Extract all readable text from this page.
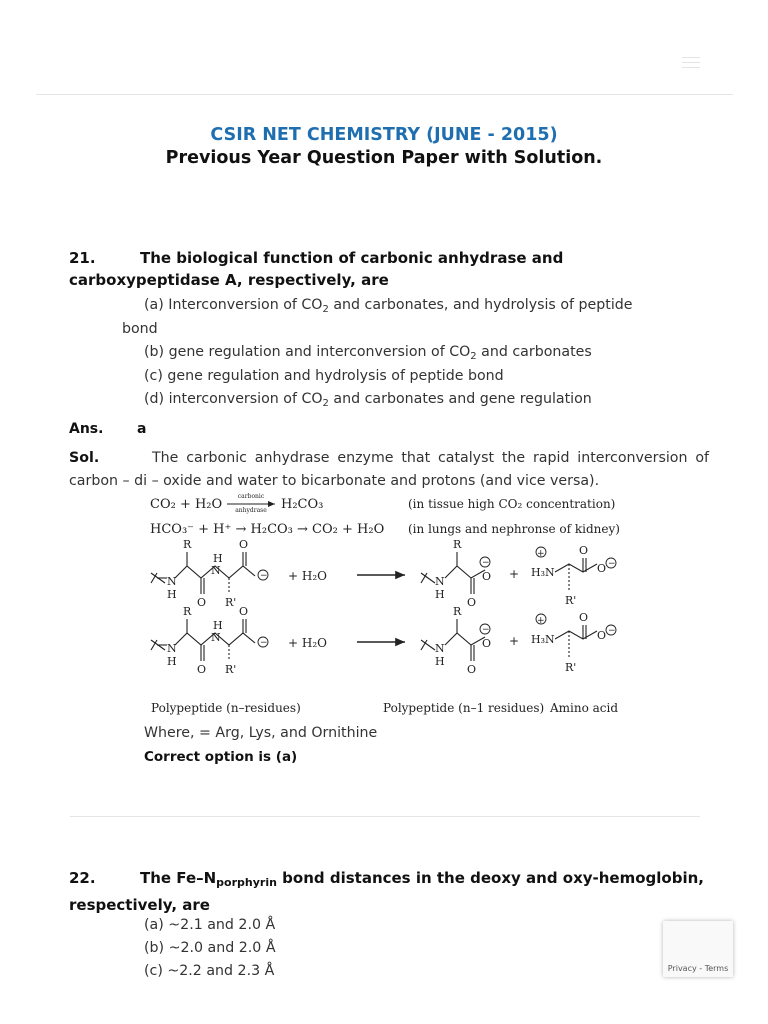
CSIR NET CHEMISTRY (JUNE - 2015)
Previous Year Question Paper with Solution.
21.	The biological function of carbonic anhydrase and carboxypeptidase A, respectively, are
(a) Interconversion of $CO_2$ and carbonates, and hydrolysis of peptide
bond
(b) gene regulation and interconversion of $CO_2$ and carbonates
(c) gene regulation and hydrolysis of peptide bond
(d) interconversion of $CO_2$ and carbonates and gene regulation
Ans. a
Sol.	The carbonic anhydrase enzyme that catalyst the rapid interconversion of carbon – di – oxide and water to bicarbonate and protons (and vice versa).
CO₂ + H₂O
carbonic
anhydrase H₂CO₃	(in tissue high CO₂ concentration)
HCO₃⁻ + H⁺ → H₂CO₃ → CO₂ + H₂O (in lungs and nephronse of kidney)
R
N
H
O
H
N
O
R'
− + H₂O
R
N
H
O
O
−
+
+
H₃N
O
O −
R'
R
N
H
O
H
N
O
R'
− + H₂O
R
N
H
O
O
−
+
+
H₃N
O
O −
R'
Polypeptide (n–residues)	Polypeptide (n–1 residues) Amino acid
Where, = Arg, Lys, and Ornithine
Correct option is (a)
22.	The $Fe-N_{porphyrin}$ bond distances in the deoxy and oxy-hemoglobin, respectively, are
(a) ~2.1 and 2.0 Å
(b) ~2.0 and 2.0 Å
(c) ~2.2 and 2.3 Å	Privacy - Terms
